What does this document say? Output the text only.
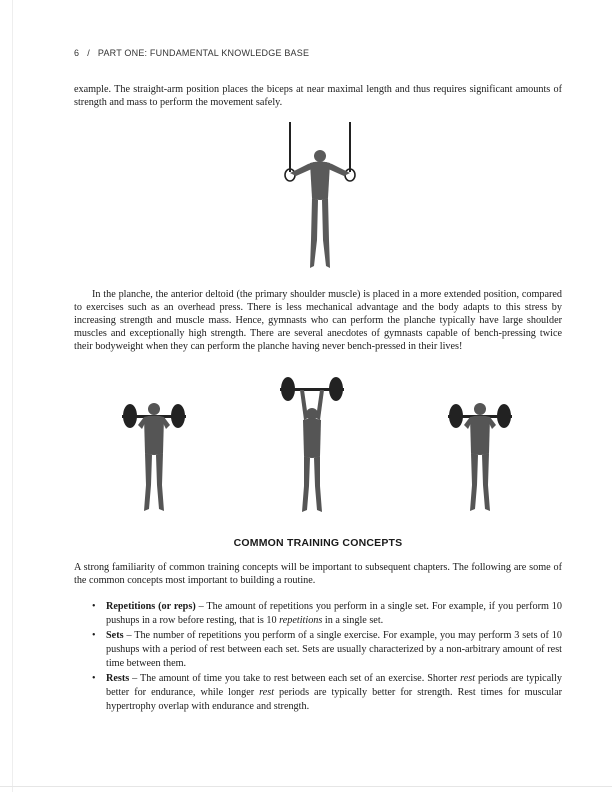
6 / PART ONE: FUNDAMENTAL KNOWLEDGE BASE

example. The straight-arm position places the biceps at near maximal length and thus requires significant amounts of strength and mass to perform the movement safely.

In the planche, the anterior deltoid (the primary shoulder muscle) is placed in a more extended position, compared to exercises such as an overhead press. There is less mechanical advantage and the body adapts to this stress by increasing strength and muscle mass. Hence, gymnasts who can perform the planche typically have large shoulder muscles and exceptionally high strength. There are several anecdotes of gymnasts capable of bench-pressing twice their bodyweight when they can perform the planche having never bench-pressed in their lives!

COMMON TRAINING CONCEPTS

A strong familiarity of common training concepts will be important to subsequent chapters. The following are some of the common concepts most important to building a routine.

• Repetitions (or reps) – The amount of repetitions you perform in a single set. For example, if you perform 10 pushups in a row before resting, that is 10 repetitions in a single set.
• Sets – The number of repetitions you perform of a single exercise. For example, you may perform 3 sets of 10 pushups with a period of rest between each set. Sets are usually characterized by a non-arbitrary amount of rest time between them.
• Rests – The amount of time you take to rest between each set of an exercise. Shorter rest periods are typically better for endurance, while longer rest periods are typically better for strength. Rest times for muscular hypertrophy overlap with endurance and strength.
